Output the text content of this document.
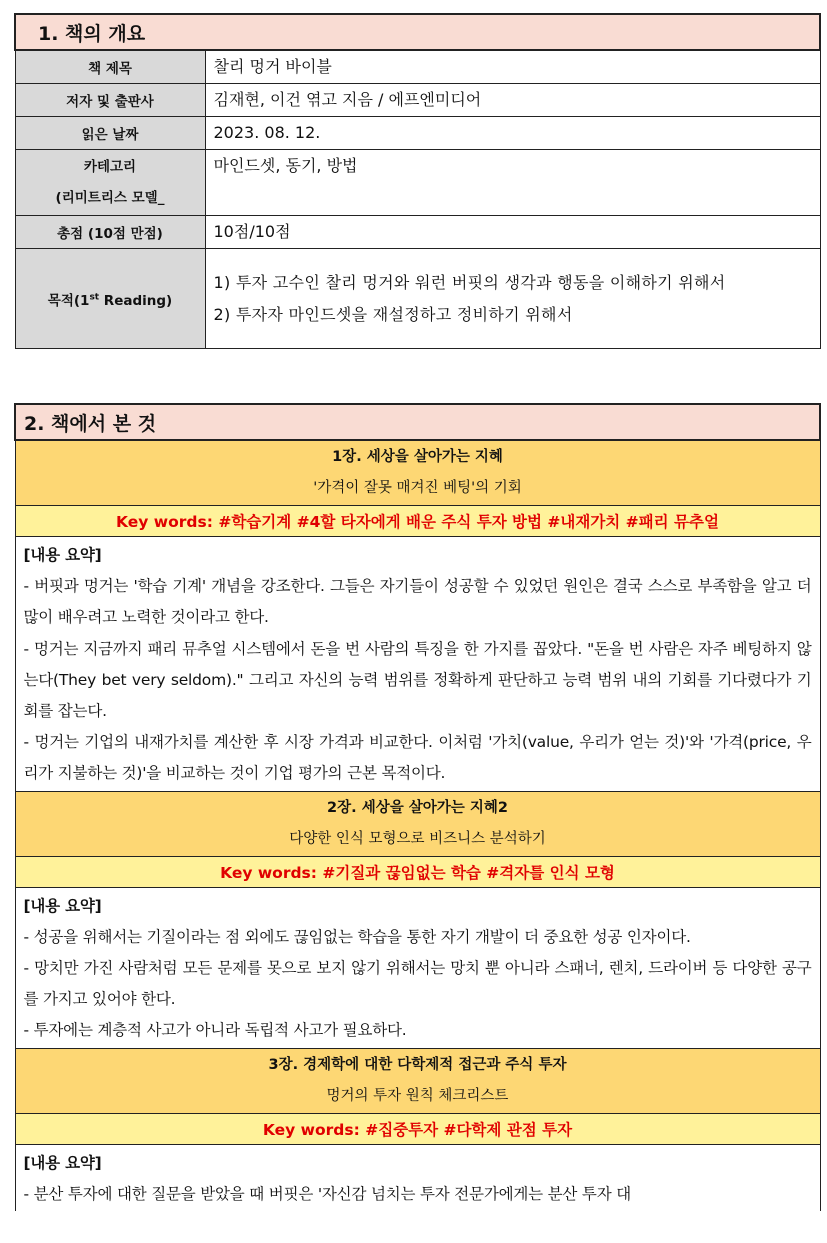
1. 책의 개요	
책 제목	찰리 멍거 바이블
저자 및 출판사	김재현, 이건 엮고 지음 / 에프엔미디어
읽은 날짜	2023. 08. 12.

카테고리
(리미트리스 모델_	마인드셋, 동기, 방법
총점 (10점 만점)	10점/10점
목적(1st Reading)	1) 투자 고수인 찰리 멍거와 워런 버핏의 생각과 행동을 이해하기 위해서
2) 투자자 마인드셋을 재설정하고 정비하기 위해서
2. 책에서 본 것

1장. 세상을 살아가는 지혜
'가격이 잘못 매겨진 베팅'의 기회

Key words: #학습기계 #4할 타자에게 배운 주식 투자 방법 #내재가치 #패리 뮤추얼

[내용 요약]

- 버핏과 멍거는 '학습 기계' 개념을 강조한다. 그들은 자기들이 성공할 수 있었던 원인은 결국 스스로 부족함을 알고 더 많이 배우려고 노력한 것이라고 한다.

- 멍거는 지금까지 패리 뮤추얼 시스템에서 돈을 번 사람의 특징을 한 가지를 꼽았다. "돈을 번 사람은 자주 베팅하지 않는다(They bet very seldom)." 그리고 자신의 능력 범위를 정확하게 판단하고 능력 범위 내의 기회를 기다렸다가 기회를 잡는다.

- 멍거는 기업의 내재가치를 계산한 후 시장 가격과 비교한다. 이처럼 '가치(value, 우리가 얻는 것)'와 '가격(price, 우리가 지불하는 것)'을 비교하는 것이 기업 평가의 근본 목적이다.

2장. 세상을 살아가는 지혜2
다양한 인식 모형으로 비즈니스 분석하기

Key words: #기질과 끊임없는 학습 #격자틀 인식 모형

[내용 요약]

- 성공을 위해서는 기질이라는 점 외에도 끊임없는 학습을 통한 자기 개발이 더 중요한 성공 인자이다.

- 망치만 가진 사람처럼 모든 문제를 못으로 보지 않기 위해서는 망치 뿐 아니라 스패너, 렌치, 드라이버 등 다양한 공구를 가지고 있어야 한다.

- 투자에는 계층적 사고가 아니라 독립적 사고가 필요하다.

3장. 경제학에 대한 다학제적 접근과 주식 투자
멍거의 투자 원칙 체크리스트

Key words: #집중투자 #다학제 관점 투자

[내용 요약]

- 분산 투자에 대한 질문을 받았을 때 버핏은 '자신감 넘치는 투자 전문가에게는 분산 투자 대
